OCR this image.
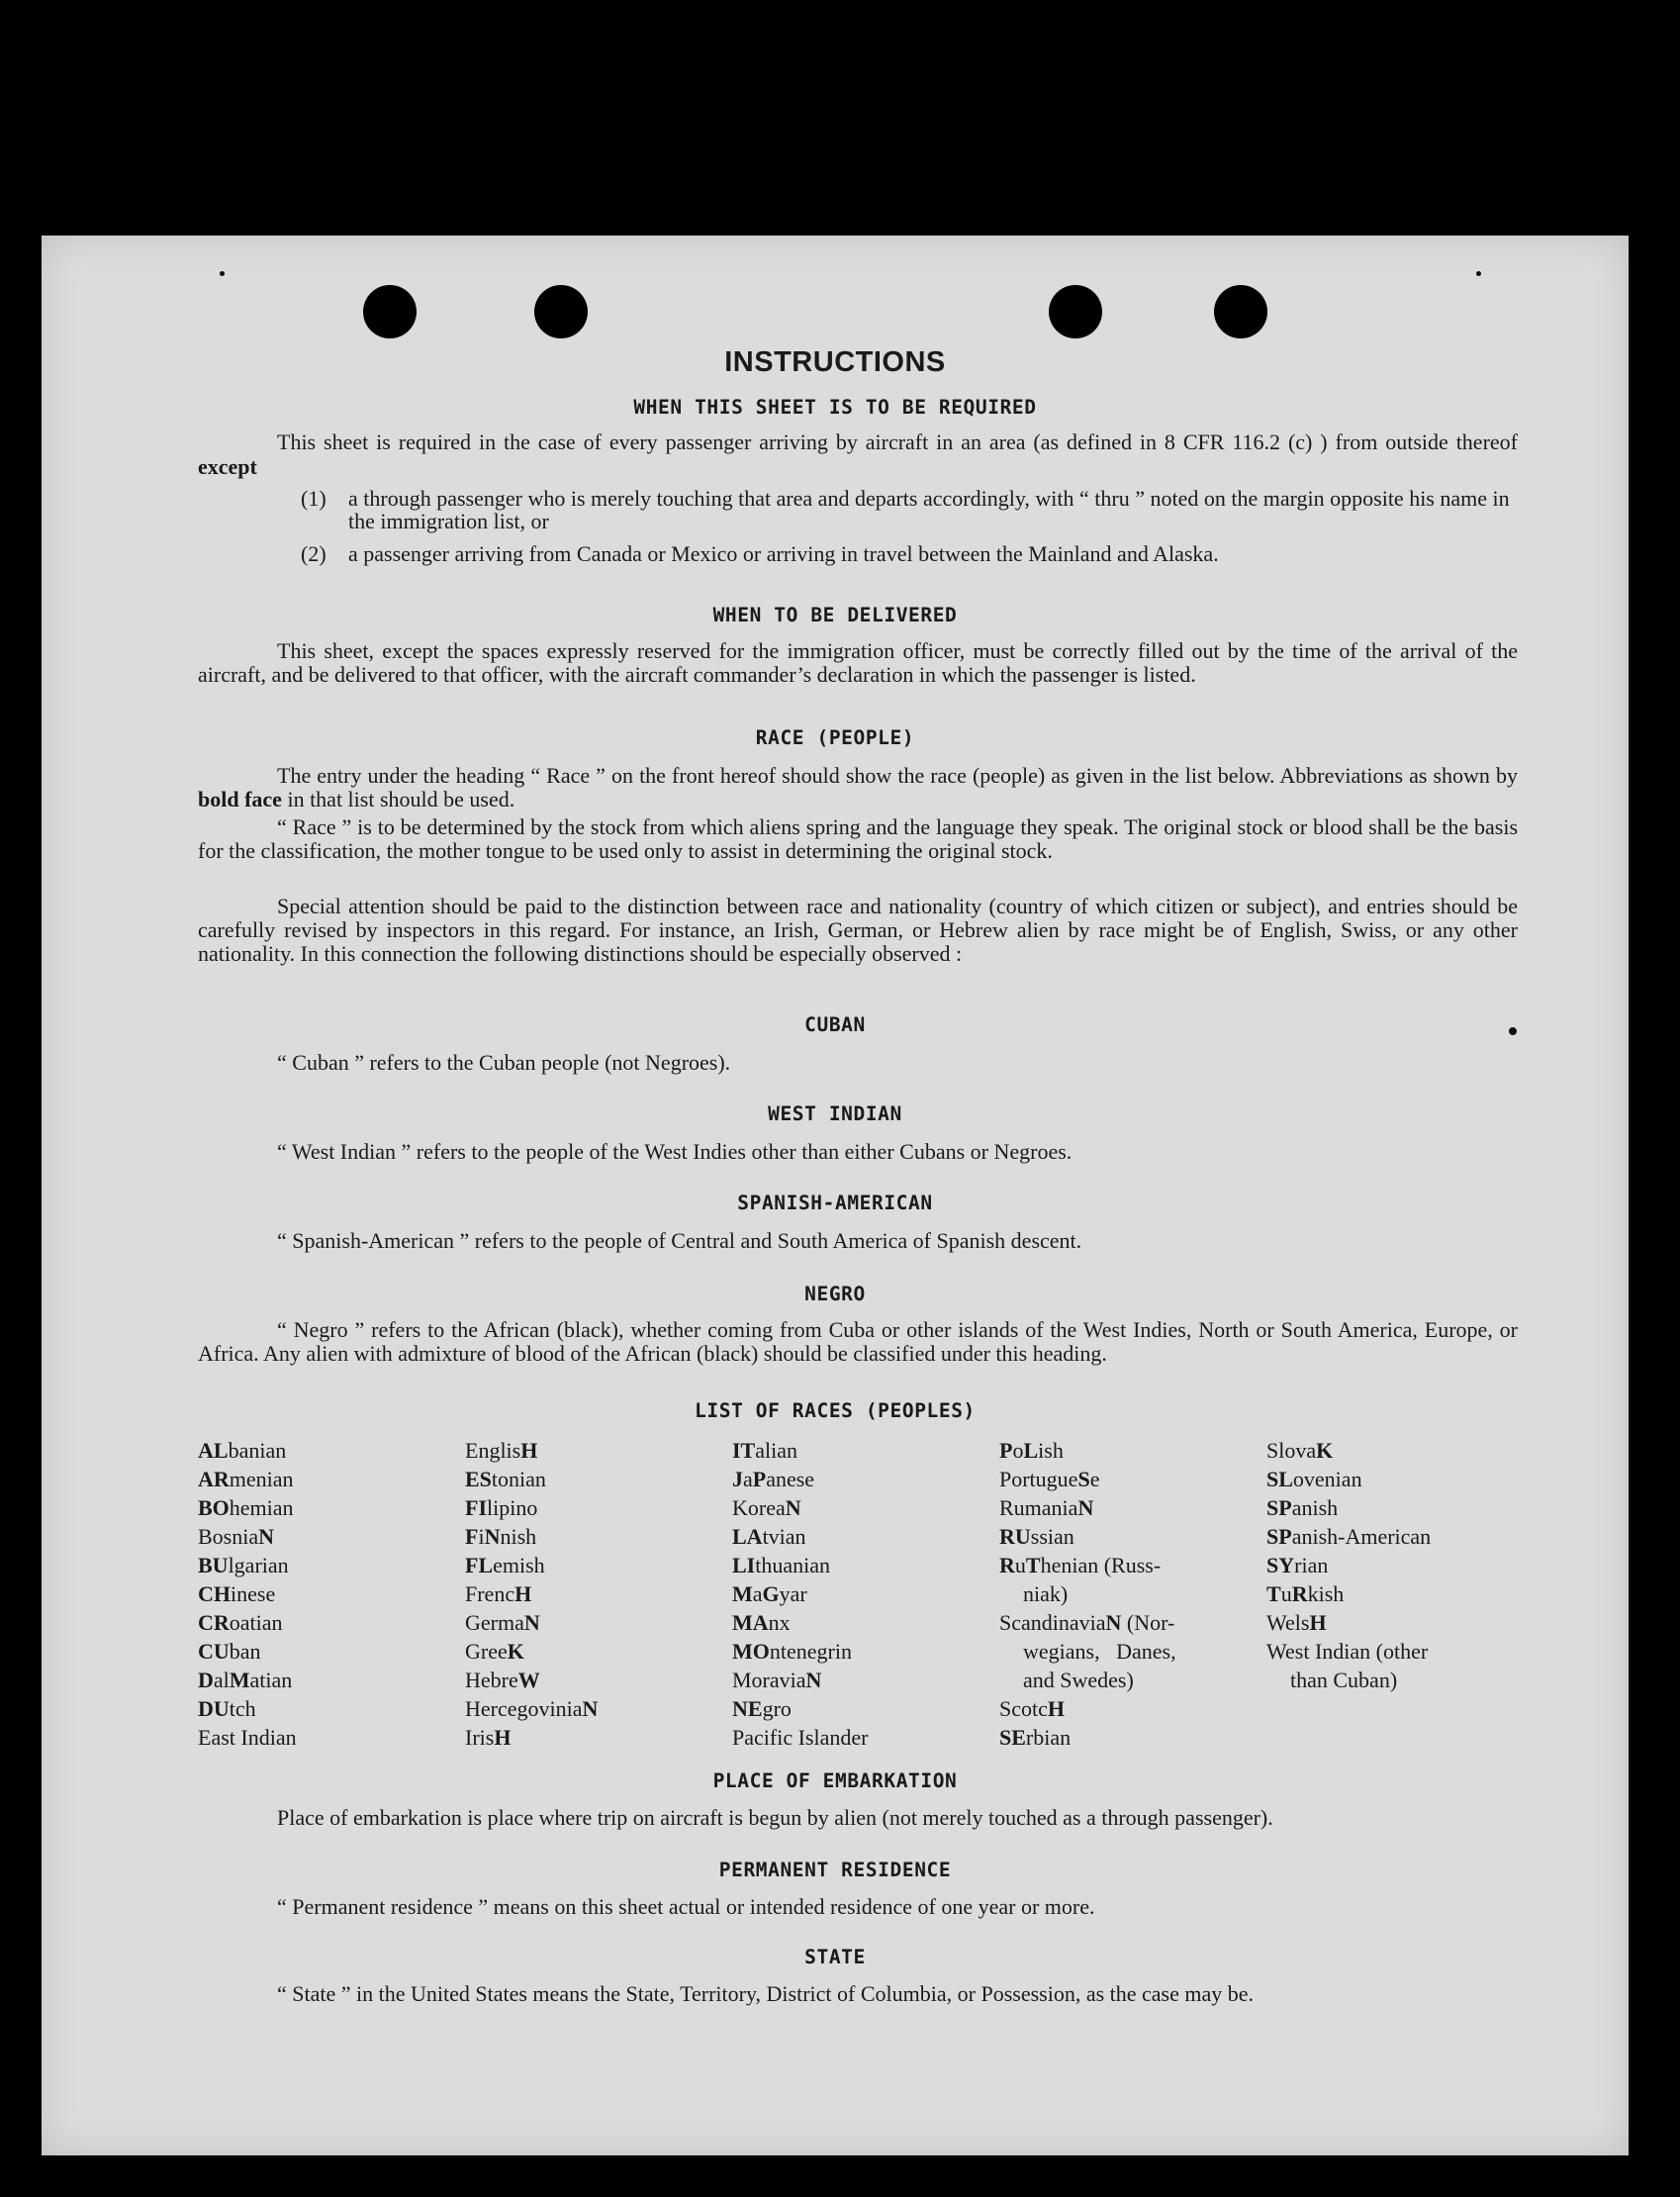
INSTRUCTIONS
WHEN THIS SHEET IS TO BE REQUIRED
This sheet is required in the case of every passenger arriving by aircraft in an area (as defined in 8 CFR 116.2 (c) ) from outside thereof except
(1) a through passenger who is merely touching that area and departs accordingly, with “ thru ” noted on the margin opposite his name in the immigration list, or
(2) a passenger arriving from Canada or Mexico or arriving in travel between the Mainland and Alaska.
WHEN TO BE DELIVERED
This sheet, except the spaces expressly reserved for the immigration officer, must be correctly filled out by the time of the arrival of the aircraft, and be delivered to that officer, with the aircraft commander’s declaration in which the passenger is listed.
RACE (PEOPLE)
The entry under the heading “ Race ” on the front hereof should show the race (people) as given in the list below. Abbreviations as shown by bold face in that list should be used.
“ Race ” is to be determined by the stock from which aliens spring and the language they speak. The original stock or blood shall be the basis for the classification, the mother tongue to be used only to assist in determining the original stock.
Special attention should be paid to the distinction between race and nationality (country of which citizen or subject), and entries should be carefully revised by inspectors in this regard. For instance, an Irish, German, or Hebrew alien by race might be of English, Swiss, or any other nationality. In this connection the following distinctions should be especially observed :
CUBAN
“ Cuban ” refers to the Cuban people (not Negroes).
WEST INDIAN
“ West Indian ” refers to the people of the West Indies other than either Cubans or Negroes.
SPANISH-AMERICAN
“ Spanish-American ” refers to the people of Central and South America of Spanish descent.
NEGRO
“ Negro ” refers to the African (black), whether coming from Cuba or other islands of the West Indies, North or South America, Europe, or Africa. Any alien with admixture of blood of the African (black) should be classified under this heading.
LIST OF RACES (PEOPLES)
ALbanian
ARmenian
BOhemian
BosniaN
BUlgarian
CHinese
CRoatian
CUban
DalMatian
DUtch
East Indian
EnglisH
EStonian
FIlipino
FiNnish
FLemish
FrencH
GermaN
GreeK
HebreW
HercegoviniaN
IrisH
ITalian
JaPanese
KoreaN
LAtvian
LIthuanian
MaGyar
MAnx
MOntenegrin
MoraviaN
NEgro
Pacific Islander
PoLish
PortugueSe
RumaniaN
RUssian
RuThenian (Russ-
niak)
ScandinaviaN (Nor-
wegians,   Danes,
and Swedes)
ScotcH
SErbian
SlovaK
SLovenian
SPanish
SPanish-American
SYrian
TuRkish
WelsH
West Indian (other
than Cuban)
PLACE OF EMBARKATION
Place of embarkation is place where trip on aircraft is begun by alien (not merely touched as a through passenger).
PERMANENT RESIDENCE
“ Permanent residence ” means on this sheet actual or intended residence of one year or more.
STATE
“ State ” in the United States means the State, Territory, District of Columbia, or Possession, as the case may be.
